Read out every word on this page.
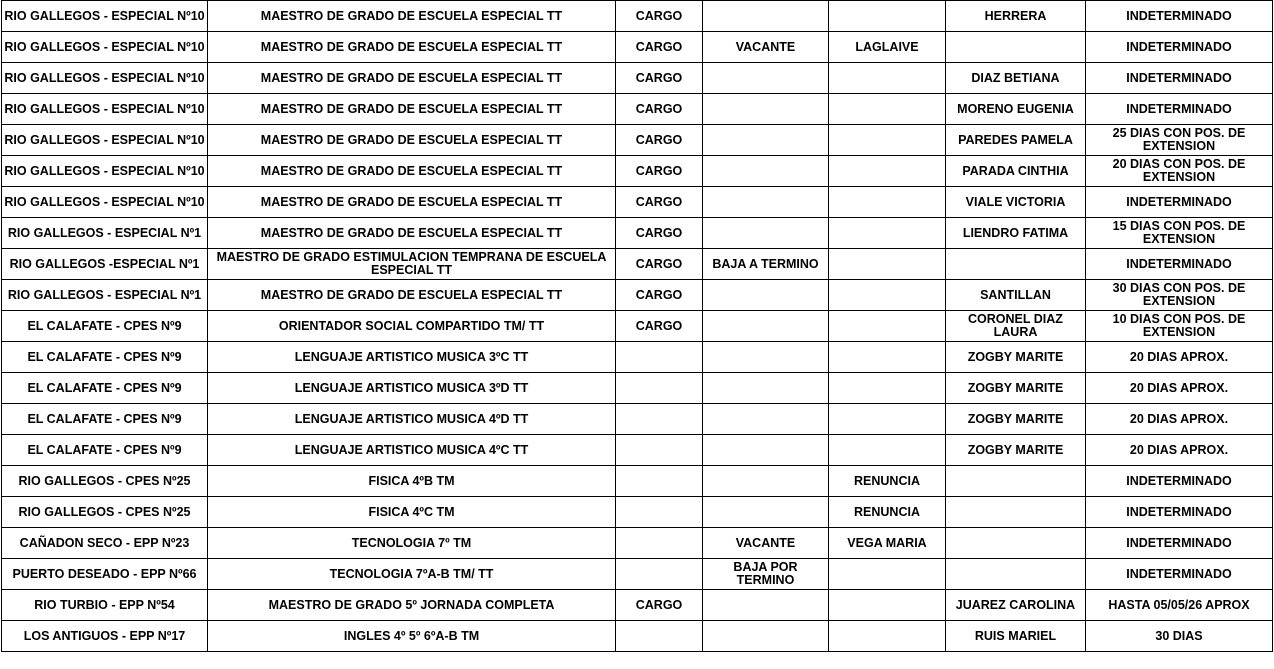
RIO GALLEGOS - ESPECIAL Nº10	MAESTRO DE GRADO DE ESCUELA ESPECIAL TT	CARGO			HERRERA	INDETERMINADO
RIO GALLEGOS - ESPECIAL Nº10	MAESTRO DE GRADO DE ESCUELA ESPECIAL TT	CARGO	VACANTE	LAGLAIVE		INDETERMINADO
RIO GALLEGOS - ESPECIAL Nº10	MAESTRO DE GRADO DE ESCUELA ESPECIAL TT	CARGO			DIAZ BETIANA	INDETERMINADO
RIO GALLEGOS - ESPECIAL Nº10	MAESTRO DE GRADO DE ESCUELA ESPECIAL TT	CARGO			MORENO EUGENIA	INDETERMINADO
RIO GALLEGOS - ESPECIAL Nº10	MAESTRO DE GRADO DE ESCUELA ESPECIAL TT	CARGO			PAREDES PAMELA	25 DIAS CON POS. DE EXTENSION
RIO GALLEGOS - ESPECIAL Nº10	MAESTRO DE GRADO DE ESCUELA ESPECIAL TT	CARGO			PARADA CINTHIA	20 DIAS CON POS. DE EXTENSION
RIO GALLEGOS - ESPECIAL Nº10	MAESTRO DE GRADO DE ESCUELA ESPECIAL TT	CARGO			VIALE VICTORIA	INDETERMINADO
RIO GALLEGOS - ESPECIAL Nº1	MAESTRO DE GRADO DE ESCUELA ESPECIAL TT	CARGO			LIENDRO FATIMA	15 DIAS CON POS. DE EXTENSION
RIO GALLEGOS -ESPECIAL Nº1	MAESTRO DE GRADO ESTIMULACION TEMPRANA DE ESCUELA ESPECIAL TT	CARGO	BAJA A TERMINO			INDETERMINADO
RIO GALLEGOS - ESPECIAL Nº1	MAESTRO DE GRADO DE ESCUELA ESPECIAL TT	CARGO			SANTILLAN	30 DIAS CON POS. DE EXTENSION
EL CALAFATE - CPES Nº9	ORIENTADOR SOCIAL COMPARTIDO TM/ TT	CARGO			CORONEL DIAZ LAURA	10 DIAS CON POS. DE EXTENSION
EL CALAFATE - CPES Nº9	LENGUAJE ARTISTICO MUSICA 3ºC TT				ZOGBY MARITE	20 DIAS APROX.
EL CALAFATE - CPES Nº9	LENGUAJE ARTISTICO MUSICA 3ºD TT				ZOGBY MARITE	20 DIAS APROX.
EL CALAFATE - CPES Nº9	LENGUAJE ARTISTICO MUSICA 4ºD TT				ZOGBY MARITE	20 DIAS APROX.
EL CALAFATE - CPES Nº9	LENGUAJE ARTISTICO MUSICA 4ºC TT				ZOGBY MARITE	20 DIAS APROX.
RIO GALLEGOS - CPES Nº25	FISICA 4ºB TM			RENUNCIA		INDETERMINADO
RIO GALLEGOS - CPES Nº25	FISICA 4ºC TM			RENUNCIA		INDETERMINADO
CAÑADON SECO - EPP Nº23	TECNOLOGIA 7º TM		VACANTE	VEGA MARIA		INDETERMINADO
PUERTO DESEADO - EPP Nº66	TECNOLOGIA 7ºA-B TM/ TT		BAJA POR TERMINO			INDETERMINADO
RIO TURBIO - EPP Nº54	MAESTRO DE GRADO 5º JORNADA COMPLETA	CARGO			JUAREZ CAROLINA	HASTA 05/05/26 APROX
LOS ANTIGUOS - EPP Nº17	INGLES 4º 5º 6ºA-B TM				RUIS MARIEL	30 DIAS
